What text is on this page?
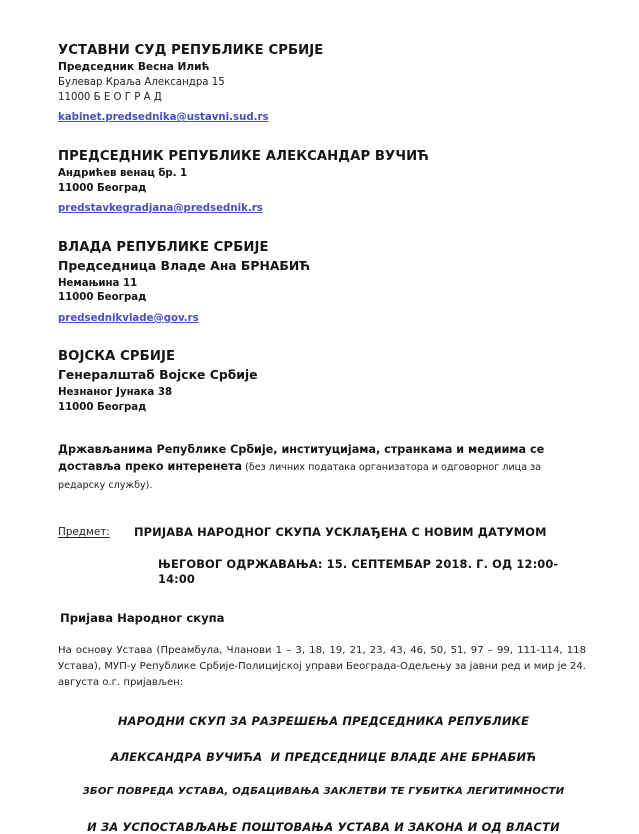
УСТАВНИ СУД РЕПУБЛИКЕ СРБИЈЕ
Председник Весна Илић
Булевар Краља Александра 15
11000 Б Е О Г Р А Д
kabinet.predsednika@ustavni.sud.rs
ПРЕДСЕДНИК РЕПУБЛИКЕ АЛЕКСАНДАР ВУЧИЋ
Андрићев венац бр. 1
11000 Београд
predstavkegradjana@predsednik.rs
ВЛАДА РЕПУБЛИКЕ СРБИЈЕ
Председница Владе Ана БРНАБИЋ
Немањина 11
11000 Београд
predsednikvlade@gov.rs
ВОЈСКА СРБИЈЕ
Генералштаб Војске Србије
Незнаног Јунака 38
11000 Београд

Држављанима Републике Србије, институцијама, странкама и медиима се доставља преко интеренета (без личних података организатора и одговорног лица за редарску службу).

Предмет:	ПРИЈАВА НАРОДНОГ СКУПА УСКЛАЂЕНА С НОВИМ ДАТУМОМ
ЊЕГОВОГ ОДРЖАВАЊА: 15. СЕПТЕМБАР 2018. Г. ОД 12:00-14:00
Пријава Народног скупа

На основу Устава (Преамбула, Чланови 1 – 3, 18, 19, 21, 23, 43, 46, 50, 51, 97 – 99, 111-114, 118 Устава), МУП-у Републике Србије-Полицијској управи Београда-Одељењу за јавни ред и мир је 24. августа о.г. пријављен:

НАРОДНИ СКУП ЗА РАЗРЕШЕЊА ПРЕДСЕДНИКА РЕПУБЛИКЕ
АЛЕКСАНДРА ВУЧИЋА  И ПРЕДСЕДНИЦЕ ВЛАДЕ АНЕ БРНАБИЋ
ЗБОГ ПОВРЕДА УСТАВА, ОДБАЦИВАЊА ЗАКЛЕТВИ ТЕ ГУБИТКА ЛЕГИТИМНОСТИ
И ЗА УСПОСТАВЉАЊЕ ПОШТОВАЊА УСТАВА И ЗАКОНА И ОД ВЛАСТИ
